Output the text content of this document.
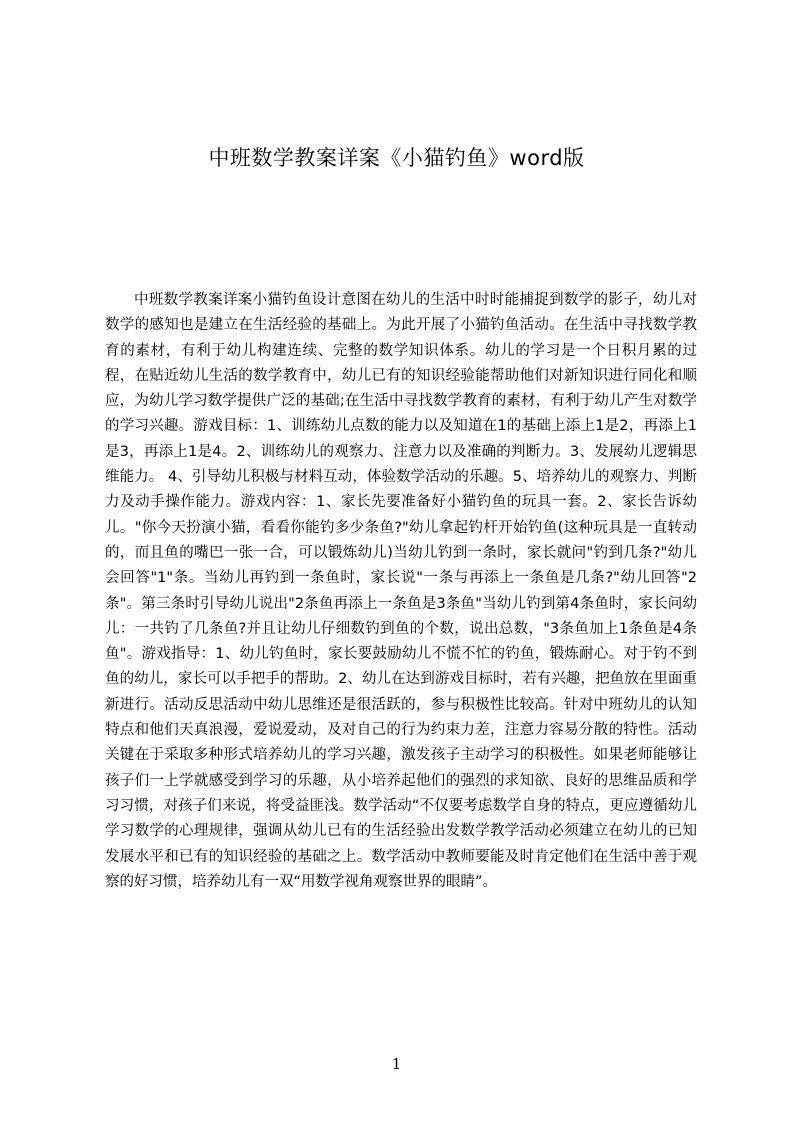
中班数学教案详案《小猫钓鱼》word版

中班数学教案详案小猫钓鱼设计意图在幼儿的生活中时时能捕捉到数学的影子，幼儿对数学的感知也是建立在生活经验的基础上。为此开展了小猫钓鱼活动。在生活中寻找数学教育的素材，有利于幼儿构建连续、完整的数学知识体系。幼儿的学习是一个日积月累的过程，在贴近幼儿生活的数学教育中，幼儿已有的知识经验能帮助他们对新知识进行同化和顺应，为幼儿学习数学提供广泛的基础;在生活中寻找数学教育的素材，有利于幼儿产生对数学的学习兴趣。游戏目标：1、训练幼儿点数的能力以及知道在1的基础上添上1是2，再添上1是3，再添上1是4。2、训练幼儿的观察力、注意力以及准确的判断力。3、发展幼儿逻辑思维能力。 4、引导幼儿积极与材料互动，体验数学活动的乐趣。5、培养幼儿的观察力、判断力及动手操作能力。游戏内容：1、家长先要准备好小猫钓鱼的玩具一套。2、家长告诉幼儿。"你今天扮演小猫，看看你能钓多少条鱼?"幼儿拿起钓杆开始钓鱼(这种玩具是一直转动的，而且鱼的嘴巴一张一合，可以锻炼幼儿)当幼儿钓到一条时，家长就问"钓到几条?"幼儿会回答"1"条。当幼儿再钓到一条鱼时，家长说"一条与再添上一条鱼是几条?"幼儿回答"2条"。第三条时引导幼儿说出"2条鱼再添上一条鱼是3条鱼"当幼儿钓到第4条鱼时，家长问幼儿：一共钓了几条鱼?并且让幼儿仔细数钓到鱼的个数，说出总数，"3条鱼加上1条鱼是4条鱼"。游戏指导：1、幼儿钓鱼时，家长要鼓励幼儿不慌不忙的钓鱼，锻炼耐心。对于钓不到鱼的幼儿，家长可以手把手的帮助。2、幼儿在达到游戏目标时，若有兴趣，把鱼放在里面重新进行。活动反思活动中幼儿思维还是很活跃的，参与积极性比较高。针对中班幼儿的认知特点和他们天真浪漫，爱说爱动，及对自己的行为约束力差，注意力容易分散的特性。活动关键在于采取多种形式培养幼儿的学习兴趣，激发孩子主动学习的积极性。如果老师能够让孩子们一上学就感受到学习的乐趣，从小培养起他们的强烈的求知欲、良好的思维品质和学习习惯，对孩子们来说，将受益匪浅。数学活动“不仅要考虑数学自身的特点，更应遵循幼儿学习数学的心理规律，强调从幼儿已有的生活经验出发数学教学活动必须建立在幼儿的已知发展水平和已有的知识经验的基础之上。数学活动中教师要能及时肯定他们在生活中善于观察的好习惯，培养幼儿有一双“用数学视角观察世界的眼睛”。

1
